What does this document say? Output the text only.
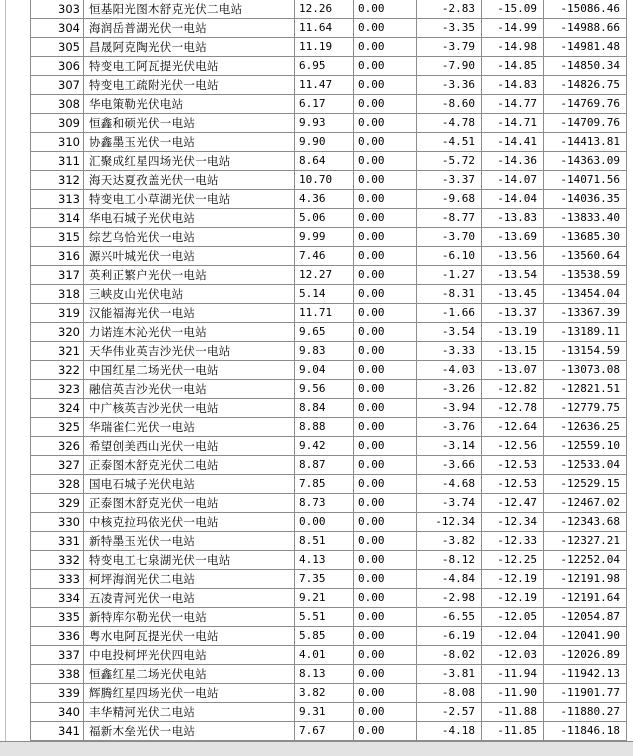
303	恒基阳光图木舒克光伏二电站	12.26	0.00	-2.83	-15.09	-15086.46
304	海润岳普湖光伏一电站	11.64	0.00	-3.35	-14.99	-14988.66
305	昌晟阿克陶光伏一电站	11.19	0.00	-3.79	-14.98	-14981.48
306	特变电工阿瓦提光伏电站	6.95	0.00	-7.90	-14.85	-14850.34
307	特变电工疏附光伏一电站	11.47	0.00	-3.36	-14.83	-14826.75
308	华电策勒光伏电站	6.17	0.00	-8.60	-14.77	-14769.76
309	恒鑫和硕光伏一电站	9.93	0.00	-4.78	-14.71	-14709.76
310	协鑫墨玉光伏一电站	9.90	0.00	-4.51	-14.41	-14413.81
311	汇聚成红星四场光伏一电站	8.64	0.00	-5.72	-14.36	-14363.09
312	海天达夏孜盖光伏一电站	10.70	0.00	-3.37	-14.07	-14071.56
313	特变电工小草湖光伏一电站	4.36	0.00	-9.68	-14.04	-14036.35
314	华电石城子光伏电站	5.06	0.00	-8.77	-13.83	-13833.40
315	综艺乌恰光伏一电站	9.99	0.00	-3.70	-13.69	-13685.30
316	源兴叶城光伏一电站	7.46	0.00	-6.10	-13.56	-13560.64
317	英利正繁户光伏一电站	12.27	0.00	-1.27	-13.54	-13538.59
318	三峡皮山光伏电站	5.14	0.00	-8.31	-13.45	-13454.04
319	汉能福海光伏一电站	11.71	0.00	-1.66	-13.37	-13367.39
320	力诺连木沁光伏一电站	9.65	0.00	-3.54	-13.19	-13189.11
321	天华伟业英吉沙光伏一电站	9.83	0.00	-3.33	-13.15	-13154.59
322	中国红星二场光伏一电站	9.04	0.00	-4.03	-13.07	-13073.08
323	融信英吉沙光伏一电站	9.56	0.00	-3.26	-12.82	-12821.51
324	中广核英吉沙光伏一电站	8.84	0.00	-3.94	-12.78	-12779.75
325	华瑞雀仁光伏一电站	8.88	0.00	-3.76	-12.64	-12636.25
326	希望创美西山光伏一电站	9.42	0.00	-3.14	-12.56	-12559.10
327	正泰图木舒克光伏二电站	8.87	0.00	-3.66	-12.53	-12533.04
328	国电石城子光伏电站	7.85	0.00	-4.68	-12.53	-12529.15
329	正泰图木舒克光伏一电站	8.73	0.00	-3.74	-12.47	-12467.02
330	中核克拉玛依光伏一电站	0.00	0.00	-12.34	-12.34	-12343.68
331	新特墨玉光伏一电站	8.51	0.00	-3.82	-12.33	-12327.21
332	特变电工七泉湖光伏一电站	4.13	0.00	-8.12	-12.25	-12252.04
333	柯坪海润光伏二电站	7.35	0.00	-4.84	-12.19	-12191.98
334	五凌青河光伏一电站	9.21	0.00	-2.98	-12.19	-12191.64
335	新特库尔勒光伏一电站	5.51	0.00	-6.55	-12.05	-12054.87
336	粤水电阿瓦提光伏一电站	5.85	0.00	-6.19	-12.04	-12041.90
337	中电投柯坪光伏四电站	4.01	0.00	-8.02	-12.03	-12026.89
338	恒鑫红星二场光伏电站	8.13	0.00	-3.81	-11.94	-11942.13
339	辉腾红星四场光伏一电站	3.82	0.00	-8.08	-11.90	-11901.77
340	丰华精河光伏二电站	9.31	0.00	-2.57	-11.88	-11880.27
341	福新木垒光伏一电站	7.67	0.00	-4.18	-11.85	-11846.18
